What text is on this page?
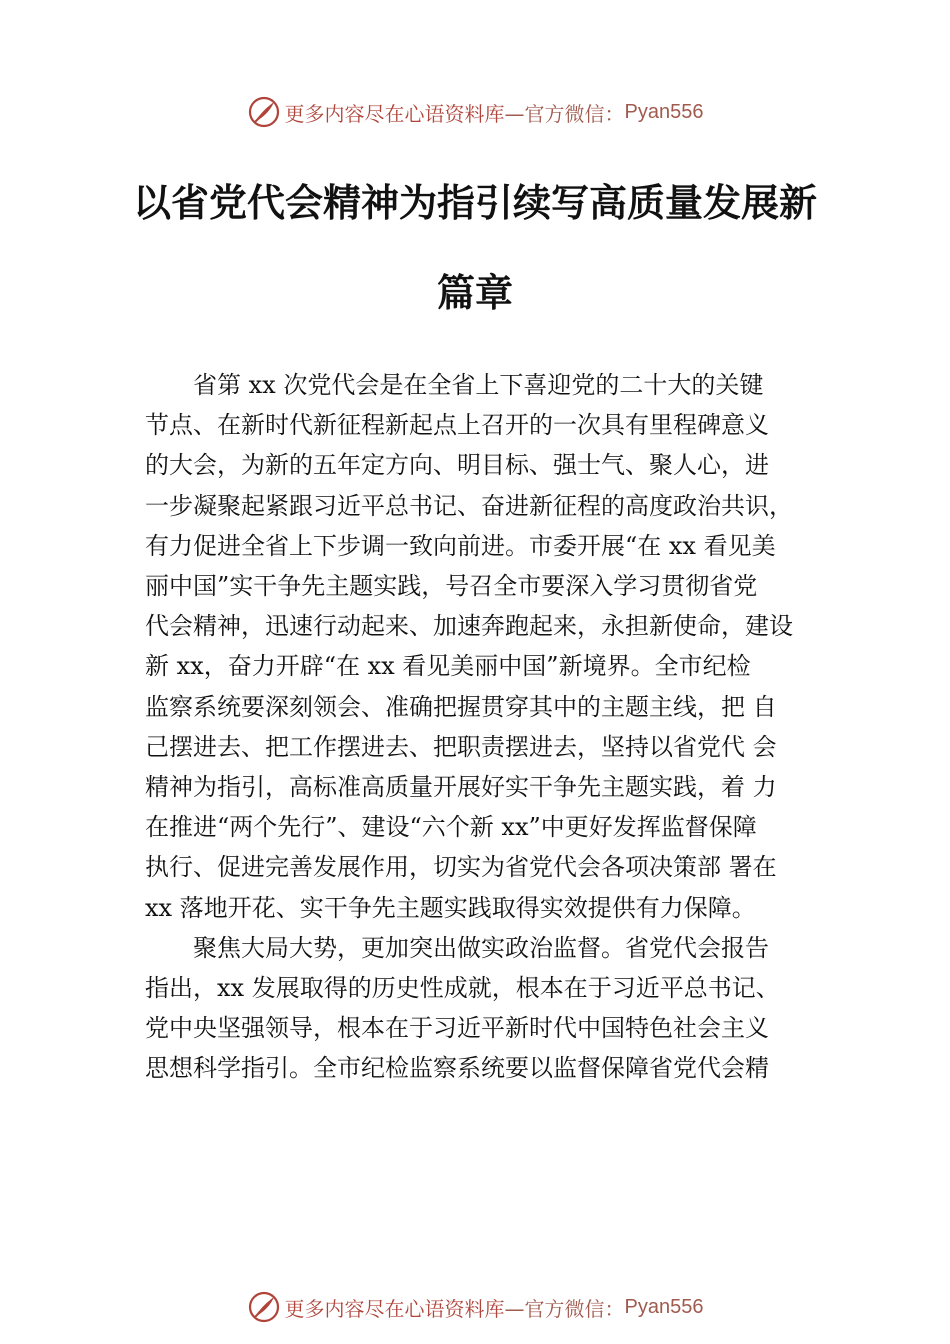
更多内容尽在心语资料库 —官方微信： Pyan556
以省党代会精神为指引续写高质量发展新
篇章
　　省第 xx 次党代会是在全省上下喜迎党的二十大的关键
节点、在新时代新征程新起点上召开的一次具有里程碑意义
的大会，为新的五年定方向、明目标、强士气、聚人心，进
一步凝聚起紧跟习近平总书记、奋进新征程的高度政治共识，
有力促进全省上下步调一致向前进。市委开展“在 xx 看见美
丽中国”实干争先主题实践，号召全市要深入学习贯彻省党
代会精神，迅速行动起来、加速奔跑起来，永担新使命，建设
新 xx，奋力开辟“在 xx 看见美丽中国”新境界。全市纪检
监察系统要深刻领会、准确把握贯穿其中的主题主线，把 自
己摆进去、把工作摆进去、把职责摆进去，坚持以省党代 会
精神为指引，高标准高质量开展好实干争先主题实践，着 力
在推进“两个先行”、建设“六个新 xx”中更好发挥监督保障
执行、促进完善发展作用，切实为省党代会各项决策部 署在
xx 落地开花、实干争先主题实践取得实效提供有力保障。
　　聚焦大局大势，更加突出做实政治监督。省党代会报告
指出，xx 发展取得的历史性成就，根本在于习近平总书记、
党中央坚强领导，根本在于习近平新时代中国特色社会主义
思想科学指引。全市纪检监察系统要以监督保障省党代会精
更多内容尽在心语资料库 —官方微信： Pyan556
